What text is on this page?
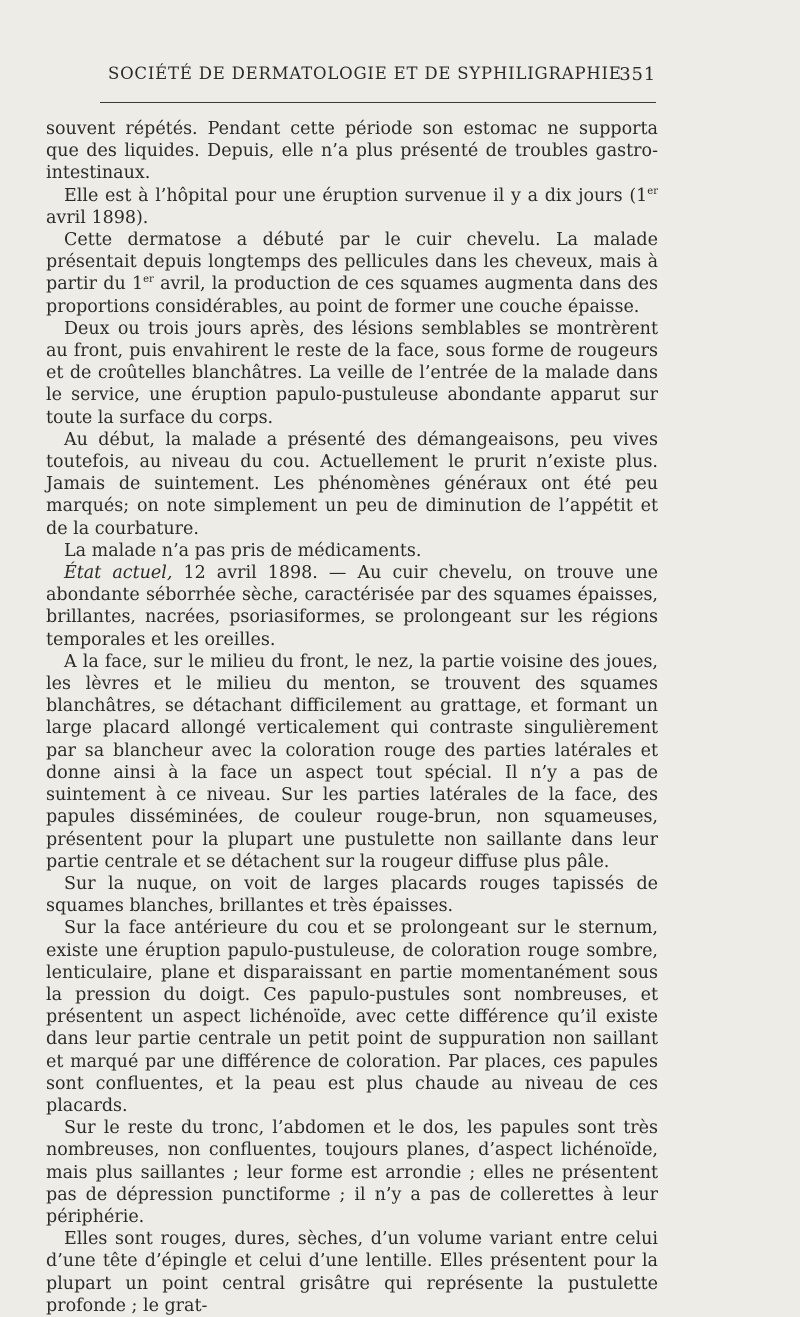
SOCIÉTÉ DE DERMATOLOGIE ET DE SYPHILIGRAPHIE
351

souvent répétés. Pendant cette période son estomac ne supporta que des liquides. Depuis, elle n’a plus présenté de troubles gastro-intestinaux.

Elle est à l’hôpital pour une éruption survenue il y a dix jours (1er avril 1898).

Cette dermatose a débuté par le cuir chevelu. La malade présentait depuis longtemps des pellicules dans les cheveux, mais à partir du 1er avril, la production de ces squames augmenta dans des proportions considérables, au point de former une couche épaisse.

Deux ou trois jours après, des lésions semblables se montrèrent au front, puis envahirent le reste de la face, sous forme de rougeurs et de croûtelles blanchâtres. La veille de l’entrée de la malade dans le service, une éruption papulo-pustuleuse abondante apparut sur toute la surface du corps.

Au début, la malade a présenté des démangeaisons, peu vives toutefois, au niveau du cou. Actuellement le prurit n’existe plus. Jamais de suintement. Les phénomènes généraux ont été peu marqués; on note simplement un peu de diminution de l’appétit et de la courbature.

La malade n’a pas pris de médicaments.

État actuel, 12 avril 1898. — Au cuir chevelu, on trouve une abondante séborrhée sèche, caractérisée par des squames épaisses, brillantes, nacrées, psoriasiformes, se prolongeant sur les régions temporales et les oreilles.

A la face, sur le milieu du front, le nez, la partie voisine des joues, les lèvres et le milieu du menton, se trouvent des squames blanchâtres, se détachant difficilement au grattage, et formant un large placard allongé verticalement qui contraste singulièrement par sa blancheur avec la coloration rouge des parties latérales et donne ainsi à la face un aspect tout spécial. Il n’y a pas de suintement à ce niveau. Sur les parties latérales de la face, des papules disséminées, de couleur rouge-brun, non squameuses, présentent pour la plupart une pustulette non saillante dans leur partie centrale et se détachent sur la rougeur diffuse plus pâle.

Sur la nuque, on voit de larges placards rouges tapissés de squames blanches, brillantes et très épaisses.

Sur la face antérieure du cou et se prolongeant sur le sternum, existe une éruption papulo-pustuleuse, de coloration rouge sombre, lenticulaire, plane et disparaissant en partie momentanément sous la pression du doigt. Ces papulo-pustules sont nombreuses, et présentent un aspect lichénoïde, avec cette différence qu’il existe dans leur partie centrale un petit point de suppuration non saillant et marqué par une différence de coloration. Par places, ces papules sont confluentes, et la peau est plus chaude au niveau de ces placards.

Sur le reste du tronc, l’abdomen et le dos, les papules sont très nombreuses, non confluentes, toujours planes, d’aspect lichénoïde, mais plus saillantes ; leur forme est arrondie ; elles ne présentent pas de dépression punctiforme ; il n’y a pas de collerettes à leur périphérie.

Elles sont rouges, dures, sèches, d’un volume variant entre celui d’une tête d’épingle et celui d’une lentille. Elles présentent pour la plupart un point central grisâtre qui représente la pustulette profonde ; le grat-
